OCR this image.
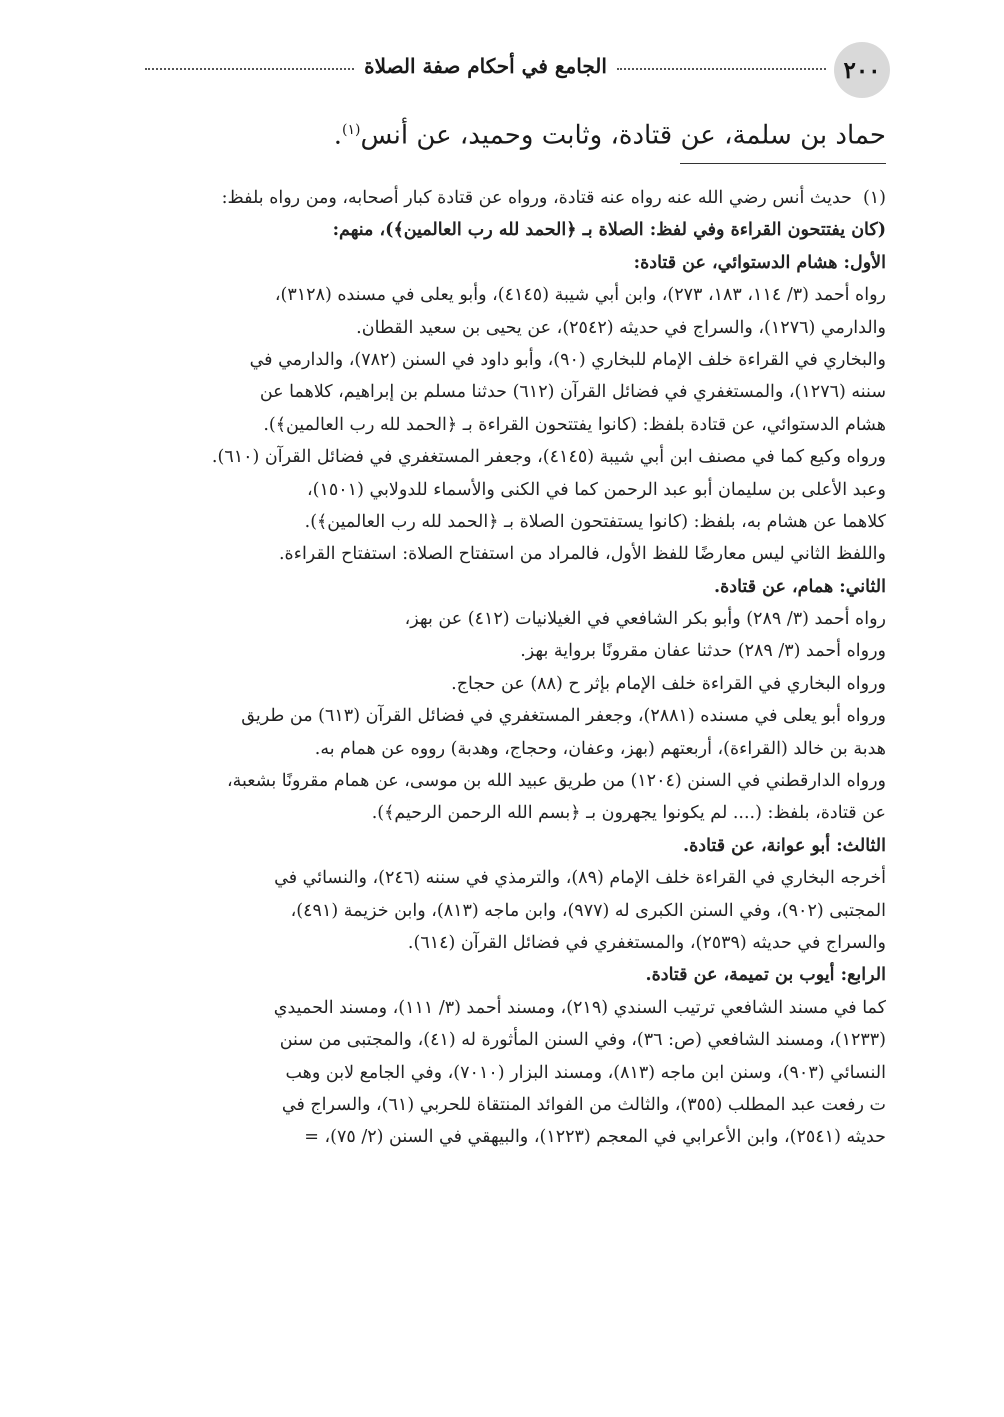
٢٠٠
الجامع في أحكام صفة الصلاة
حماد بن سلمة، عن قتادة، وثابت وحميد، عن أنس$^{(١)}$.
(١)حديث أنس رضي الله عنه رواه عنه قتادة، ورواه عن قتادة كبار أصحابه، ومن رواه بلفظ:
(كان يفتتحون القراءة وفي لفظ: الصلاة بـ ﴿الحمد لله رب العالمين﴾)، منهم:
الأول: هشام الدستوائي، عن قتادة:
رواه أحمد (٣/ ١١٤، ١٨٣، ٢٧٣)، وابن أبي شيبة (٤١٤٥)، وأبو يعلى في مسنده (٣١٢٨)،
والدارمي (١٢٧٦)، والسراج في حديثه (٢٥٤٢)، عن يحيى بن سعيد القطان.
والبخاري في القراءة خلف الإمام للبخاري (٩٠)، وأبو داود في السنن (٧٨٢)، والدارمي في
سننه (١٢٧٦)، والمستغفري في فضائل القرآن (٦١٢) حدثنا مسلم بن إبراهيم، كلاهما عن
هشام الدستوائي، عن قتادة بلفظ: (كانوا يفتتحون القراءة بـ ﴿الحمد لله رب العالمين﴾).
ورواه وكيع كما في مصنف ابن أبي شيبة (٤١٤٥)، وجعفر المستغفري في فضائل القرآن (٦١٠).
وعبد الأعلى بن سليمان أبو عبد الرحمن كما في الكنى والأسماء للدولابي (١٥٠١)،
كلاهما عن هشام به، بلفظ: (كانوا يستفتحون الصلاة بـ ﴿الحمد لله رب العالمين﴾).
واللفظ الثاني ليس معارضًا للفظ الأول، فالمراد من استفتاح الصلاة: استفتاح القراءة.
الثاني: همام، عن قتادة.
رواه أحمد (٣/ ٢٨٩) وأبو بكر الشافعي في الغيلانيات (٤١٢) عن بهز،
ورواه أحمد (٣/ ٢٨٩) حدثنا عفان مقرونًا برواية بهز.
ورواه البخاري في القراءة خلف الإمام بإثر ح (٨٨) عن حجاج.
ورواه أبو يعلى في مسنده (٢٨٨١)، وجعفر المستغفري في فضائل القرآن (٦١٣) من طريق
هدبة بن خالد (القراءة)، أربعتهم (بهز، وعفان، وحجاج، وهدبة) رووه عن همام به.
ورواه الدارقطني في السنن (١٢٠٤) من طريق عبيد الله بن موسى، عن همام مقرونًا بشعبة،
عن قتادة، بلفظ: (.... لم يكونوا يجهرون بـ ﴿بسم الله الرحمن الرحيم﴾).
الثالث: أبو عوانة، عن قتادة.
أخرجه البخاري في القراءة خلف الإمام (٨٩)، والترمذي في سننه (٢٤٦)، والنسائي في
المجتبى (٩٠٢)، وفي السنن الكبرى له (٩٧٧)، وابن ماجه (٨١٣)، وابن خزيمة (٤٩١)،
والسراج في حديثه (٢٥٣٩)، والمستغفري في فضائل القرآن (٦١٤).
الرابع: أيوب بن تميمة، عن قتادة.
كما في مسند الشافعي ترتيب السندي (٢١٩)، ومسند أحمد (٣/ ١١١)، ومسند الحميدي
(١٢٣٣)، ومسند الشافعي (ص: ٣٦)، وفي السنن المأثورة له (٤١)، والمجتبى من سنن
النسائي (٩٠٣)، وسنن ابن ماجه (٨١٣)، ومسند البزار (٧٠١٠)، وفي الجامع لابن وهب
ت رفعت عبد المطلب (٣٥٥)، والثالث من الفوائد المنتقاة للحربي (٦١)، والسراج في
حديثه (٢٥٤١)، وابن الأعرابي في المعجم (١٢٢٣)، والبيهقي في السنن (٢/ ٧٥)، =
